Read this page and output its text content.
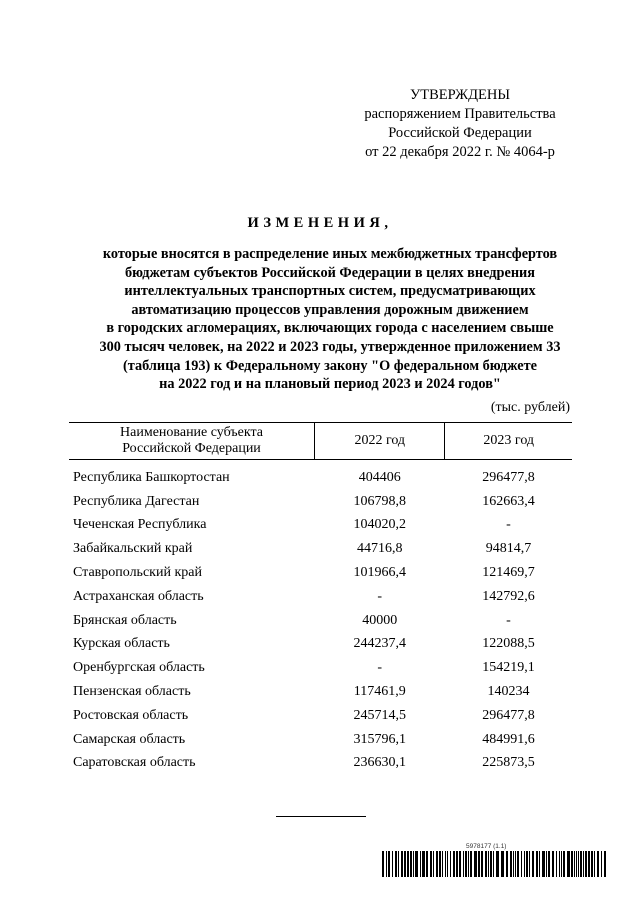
УТВЕРЖДЕНЫ
распоряжением Правительства
Российской Федерации
от 22 декабря 2022 г. № 4064-р
ИЗМЕНЕНИЯ,
которые вносятся в распределение иных межбюджетных трансфертов
бюджетам субъектов Российской Федерации в целях внедрения
интеллектуальных транспортных систем, предусматривающих
автоматизацию процессов управления дорожным движением
в городских агломерациях, включающих города с населением свыше
300 тысяч человек, на 2022 и 2023 годы, утвержденное приложением 33
(таблица 193) к Федеральному закону "О федеральном бюджете
на 2022 год и на плановый период 2023 и 2024 годов"
(тыс. рублей)
Наименование субъекта
Российской Федерации	2022 год	2023 год
Республика Башкортостан	404406	296477,8
Республика Дагестан	106798,8	162663,4
Чеченская Республика	104020,2	-
Забайкальский край	44716,8	94814,7
Ставропольский край	101966,4	121469,7
Астраханская область	-	142792,6
Брянская область	40000	-
Курская область	244237,4	122088,5
Оренбургская область	-	154219,1
Пензенская область	117461,9	140234
Ростовская область	245714,5	296477,8
Самарская область	315796,1	484991,6
Саратовская область	236630,1	225873,5
5978177 (1.1)
